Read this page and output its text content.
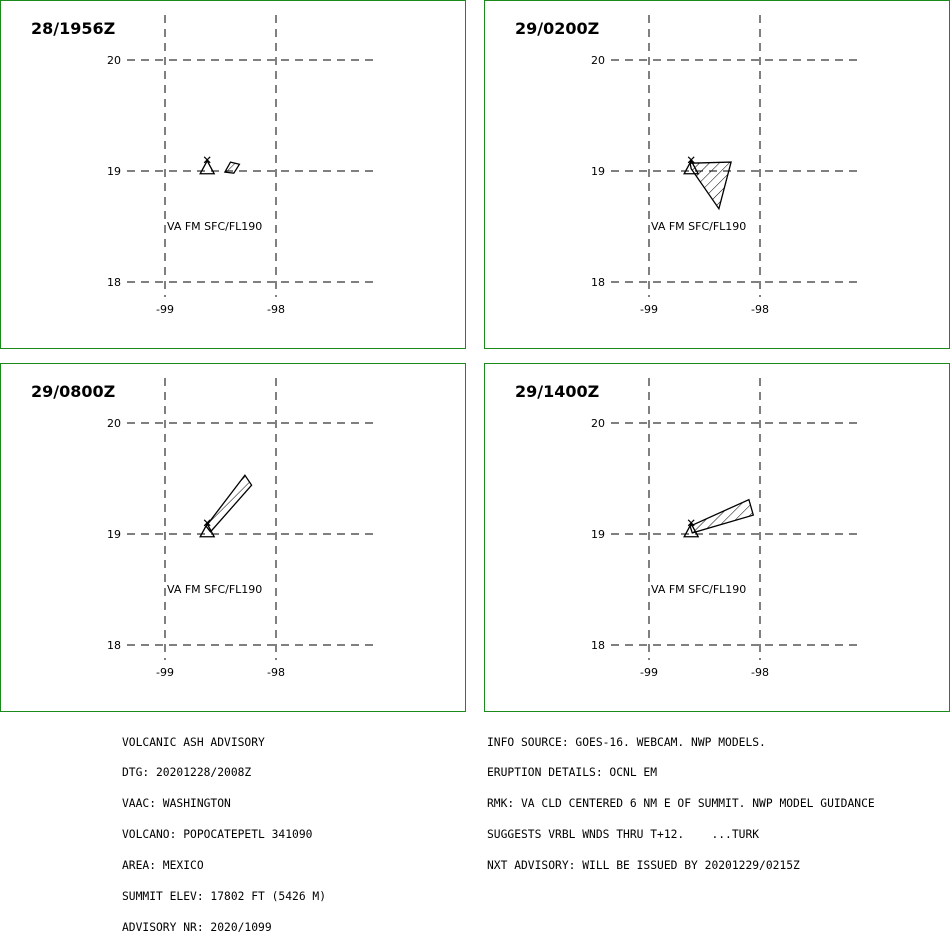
20
19
18
-99	-98
VA FM SFC/FL190
28/1956Z
20
19
18
-99	-98
VA FM SFC/FL190
29/0200Z
20
19
18
-99	-98
VA FM SFC/FL190
29/0800Z
20
19
18
-99	-98
VA FM SFC/FL190
29/1400Z

VOLCANIC ASH ADVISORY

DTG: 20201228/2008Z

VAAC: WASHINGTON

VOLCANO: POPOCATEPETL 341090

AREA: MEXICO

SUMMIT ELEV: 17802 FT (5426 M)

ADVISORY NR: 2020/1099

INFO SOURCE: GOES-16. WEBCAM. NWP MODELS.

ERUPTION DETAILS: OCNL EM

RMK: VA CLD CENTERED 6 NM E OF SUMMIT. NWP MODEL GUIDANCE

SUGGESTS VRBL WNDS THRU T+12.    ...TURK

NXT ADVISORY: WILL BE ISSUED BY 20201229/0215Z
